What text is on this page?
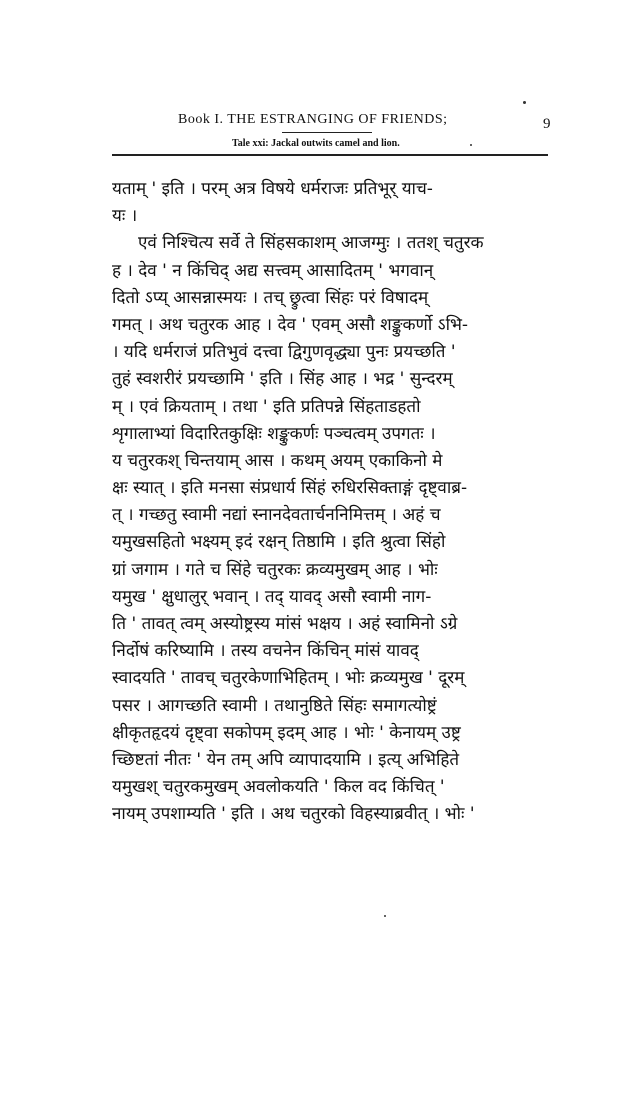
Book I. THE ESTRANGING OF FRIENDS;	9
Tale xxi: Jackal outwits camel and lion.
यताम् ' इति । परम् अत्र विषये धर्मराजः प्रतिभूर् याच-
यः ।
एवं निश्चित्य सर्वे ते सिंहसकाशम् आजग्मुः । ततश् चतुरक
ह । देव ' न किंचिद् अद्य सत्त्वम् आसादितम् ' भगवान्
दितो ऽप्य् आसन्नास्मयः । तच् छ्रुत्वा सिंहः परं विषादम्
गमत् । अथ चतुरक आह । देव ' एवम् असौ शङ्कुकर्णो ऽभि-
। यदि धर्मराजं प्रतिभुवं दत्त्वा द्विगुणवृद्ध्या पुनः प्रयच्छति '
तुहं स्वशरीरं प्रयच्छामि ' इति । सिंह आह । भद्र ' सुन्दरम्
म् । एवं क्रियताम् । तथा ' इति प्रतिपन्ने सिंहताडहतो
शृगालाभ्यां विदारितकुक्षिः शङ्कुकर्णः पञ्चत्वम् उपगतः ।
य चतुरकश् चिन्तयाम् आस । कथम् अयम् एकाकिनो मे
क्षः स्यात् । इति मनसा संप्रधार्य सिंहं रुधिरसिक्ताङ्गं दृष्ट्वाब्र-
त् । गच्छतु स्वामी नद्यां स्नानदेवतार्चननिमित्तम् । अहं च
यमुखसहितो भक्ष्यम् इदं रक्षन् तिष्ठामि । इति श्रुत्वा सिंहो
ग्रां जगाम । गते च सिंहे चतुरकः क्रव्यमुखम् आह । भोः
यमुख ' क्षुधालुर् भवान् । तद् यावद् असौ स्वामी नाग-
ति ' तावत् त्वम् अस्योष्ट्रस्य मांसं भक्षय । अहं स्वामिनो ऽग्रे
निर्दोषं करिष्यामि । तस्य वचनेन किंचिन् मांसं यावद्
स्वादयति ' तावच् चतुरकेणाभिहितम् । भोः क्रव्यमुख ' दूरम्
पसर । आगच्छति स्वामी । तथानुष्ठिते सिंहः समागत्योष्ट्रं
क्षीकृतहृदयं दृष्ट्वा सकोपम् इदम् आह । भोः ' केनायम् उष्ट्र
च्छिष्टतां नीतः ' येन तम् अपि व्यापादयामि । इत्य् अभिहिते
यमुखश् चतुरकमुखम् अवलोकयति ' किल वद किंचित् '
नायम् उपशाम्यति ' इति । अथ चतुरको विहस्याब्रवीत् । भोः '
